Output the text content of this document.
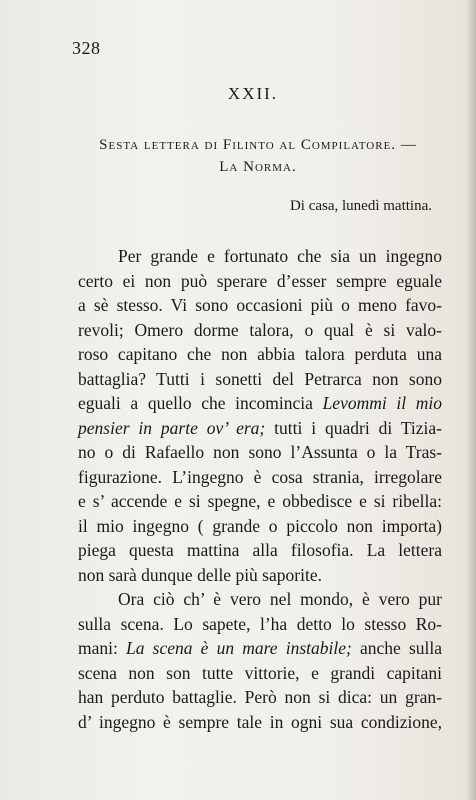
328
XXII.
Sesta lettera di Filinto al Compilatore. —
La Norma.
Di casa, lunedì mattina.
Per grande e fortunato che sia un ingegno
certo ei non può sperare d’esser sempre eguale
a sè stesso. Vi sono occasioni più o meno favo-
revoli; Omero dorme talora, o qual è si valo-
roso capitano che non abbia talora perduta una
battaglia? Tutti i sonetti del Petrarca non sono
eguali a quello che incomincia Levommi il mio
pensier in parte ov’ era; tutti i quadri di Tizia-
no o di Rafaello non sono l’Assunta o la Tras-
figurazione. L’ingegno è cosa strania, irregolare
e s’ accende e si spegne, e obbedisce e si ribella:
il mio ingegno ( grande o piccolo non importa)
piega questa mattina alla filosofia. La lettera
non sarà dunque delle più saporite.
Ora ciò ch’ è vero nel mondo, è vero pur
sulla scena. Lo sapete, l’ha detto lo stesso Ro-
mani: La scena è un mare instabile; anche sulla
scena non son tutte vittorie, e grandi capitani
han perduto battaglie. Però non si dica: un gran-
d’ ingegno è sempre tale in ogni sua condizione,
